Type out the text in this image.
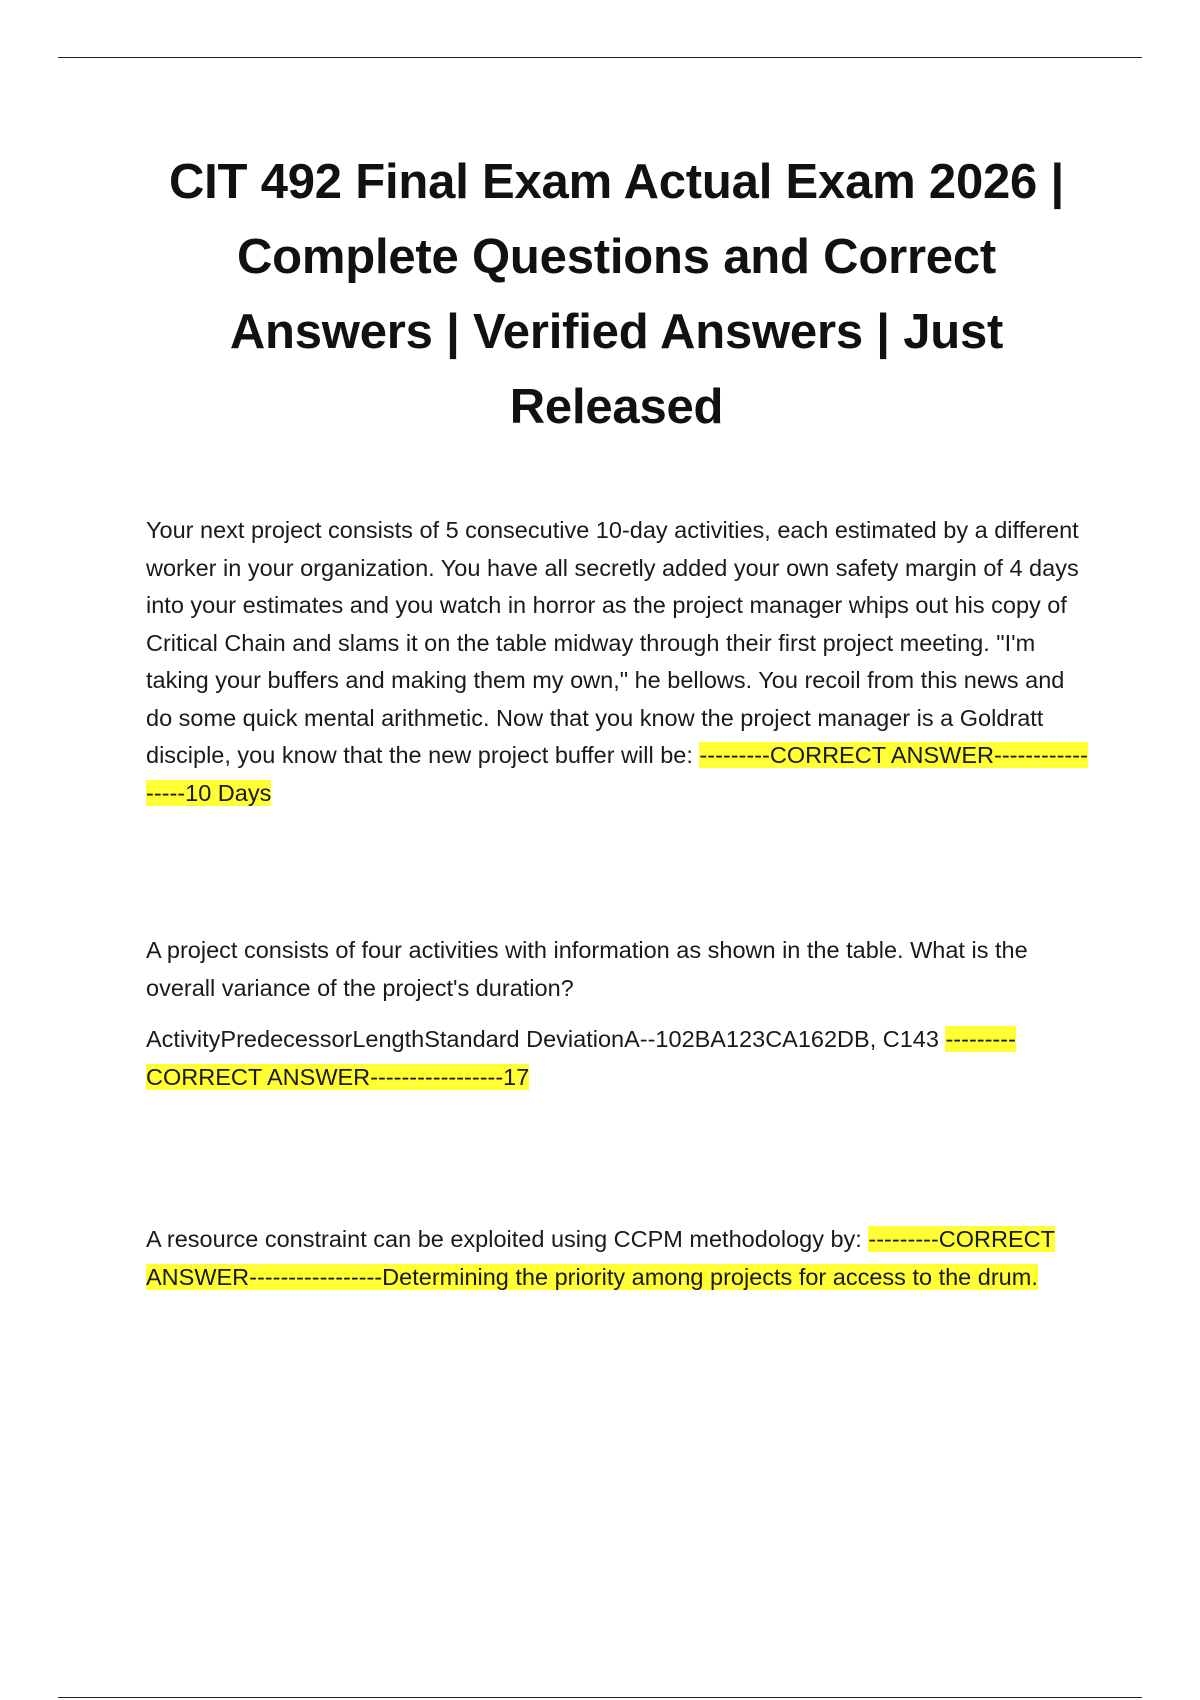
CIT 492 Final Exam Actual Exam 2026 | Complete Questions and Correct Answers | Verified Answers | Just Released

Your next project consists of 5 consecutive 10-day activities, each estimated by a different worker in your organization. You have all secretly added your own safety margin of 4 days into your estimates and you watch in horror as the project manager whips out his copy of Critical Chain and slams it on the table midway through their first project meeting. "I'm taking your buffers and making them my own," he bellows. You recoil from this news and do some quick mental arithmetic. Now that you know the project manager is a Goldratt disciple, you know that the new project buffer will be: ---------CORRECT ANSWER-----------------10 Days

A project consists of four activities with information as shown in the table. What is the overall variance of the project's duration?

ActivityPredecessorLengthStandard DeviationA--102BA123CA162DB, C143 ---------CORRECT ANSWER-----------------17

A resource constraint can be exploited using CCPM methodology by: ---------CORRECT ANSWER-----------------Determining the priority among projects for access to the drum.
